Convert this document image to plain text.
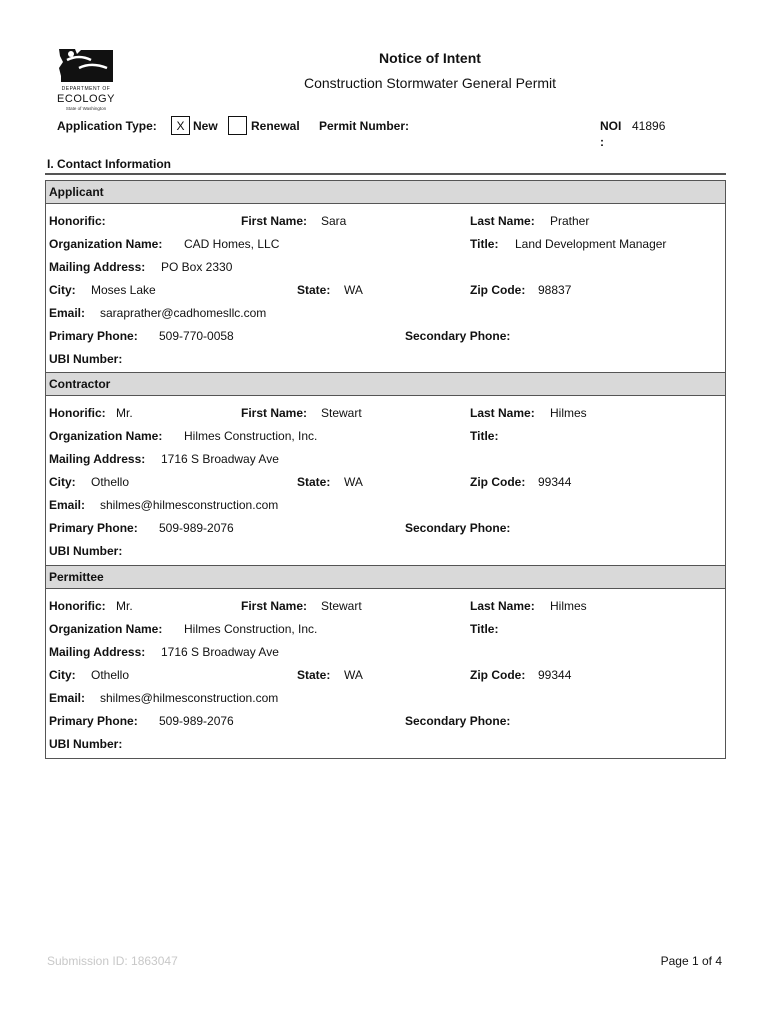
DEPARTMENT OF
ECOLOGY
State of Washington
Notice of Intent
Construction Stormwater General Permit
Application Type:	X New	Renewal Permit Number:	NOI
:
41896
I. Contact Information
Applicant
Honorific:	First Name: Sara	Last Name: Prather
Organization Name: CAD Homes, LLC	Title: Land Development Manager
Mailing Address: PO Box 2330
City: Moses Lake	State: WA	Zip Code: 98837
Email: saraprather@cadhomesllc.com
Primary Phone: 509-770-0058	Secondary Phone:
UBI Number:
Contractor
Honorific: Mr.	First Name: Stewart	Last Name: Hilmes
Organization Name: Hilmes Construction, Inc.	Title:
Mailing Address: 1716 S Broadway Ave
City: Othello	State: WA	Zip Code: 99344
Email: shilmes@hilmesconstruction.com
Primary Phone: 509-989-2076	Secondary Phone:
UBI Number:
Permittee
Honorific: Mr.	First Name: Stewart	Last Name: Hilmes
Organization Name: Hilmes Construction, Inc.	Title:
Mailing Address: 1716 S Broadway Ave
City: Othello	State: WA	Zip Code: 99344
Email: shilmes@hilmesconstruction.com
Primary Phone: 509-989-2076	Secondary Phone:
UBI Number:
Submission ID: 1863047	Page 1 of 4
